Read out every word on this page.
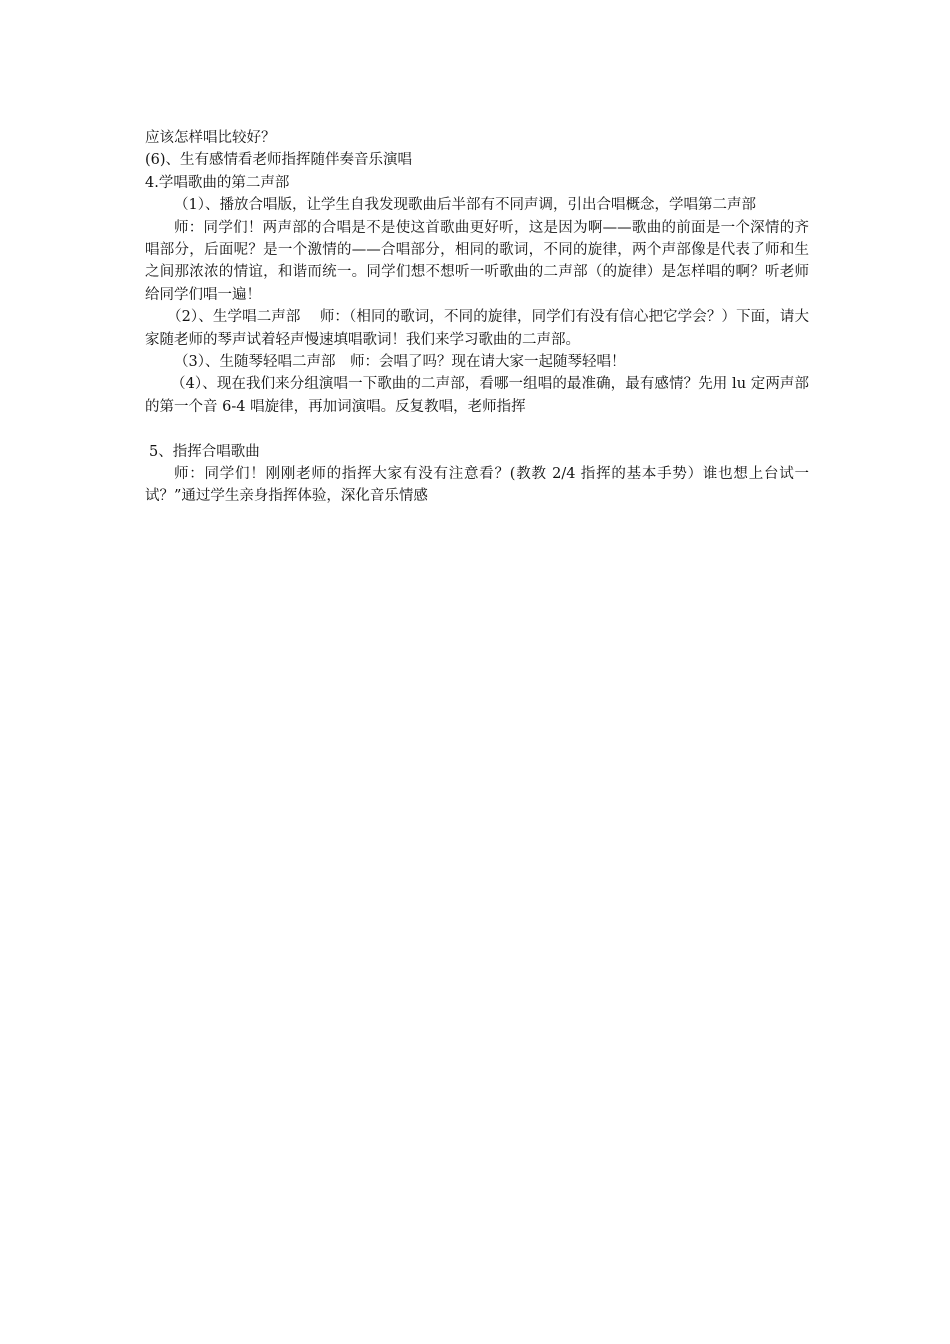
应该怎样唱比较好？

(6)、生有感情看老师指挥随伴奏音乐演唱

4.学唱歌曲的第二声部

（1）、播放合唱版，让学生自我发现歌曲后半部有不同声调，引出合唱概念，学唱第二声部

师：同学们！两声部的合唱是不是使这首歌曲更好听，这是因为啊——歌曲的前面是一个深情的齐唱部分，后面呢？是一个激情的——合唱部分，相同的歌词，不同的旋律，两个声部像是代表了师和生之间那浓浓的情谊，和谐而统一。同学们想不想听一听歌曲的二声部（的旋律）是怎样唱的啊？听老师给同学们唱一遍！

（2）、生学唱二声部　 师：（相同的歌词，不同的旋律，同学们有没有信心把它学会？）下面，请大家随老师的琴声试着轻声慢速填唱歌词！我们来学习歌曲的二声部。

（3）、生随琴轻唱二声部　师：会唱了吗？现在请大家一起随琴轻唱！

（4）、现在我们来分组演唱一下歌曲的二声部，看哪一组唱的最准确，最有感情？先用 lu 定两声部的第一个音 6-4 唱旋律，再加词演唱。反复教唱，老师指挥

5、指挥合唱歌曲

师：同学们！刚刚老师的指挥大家有没有注意看？(教教 2/4 指挥的基本手势）谁也想上台试一试？”通过学生亲身指挥体验，深化音乐情感
